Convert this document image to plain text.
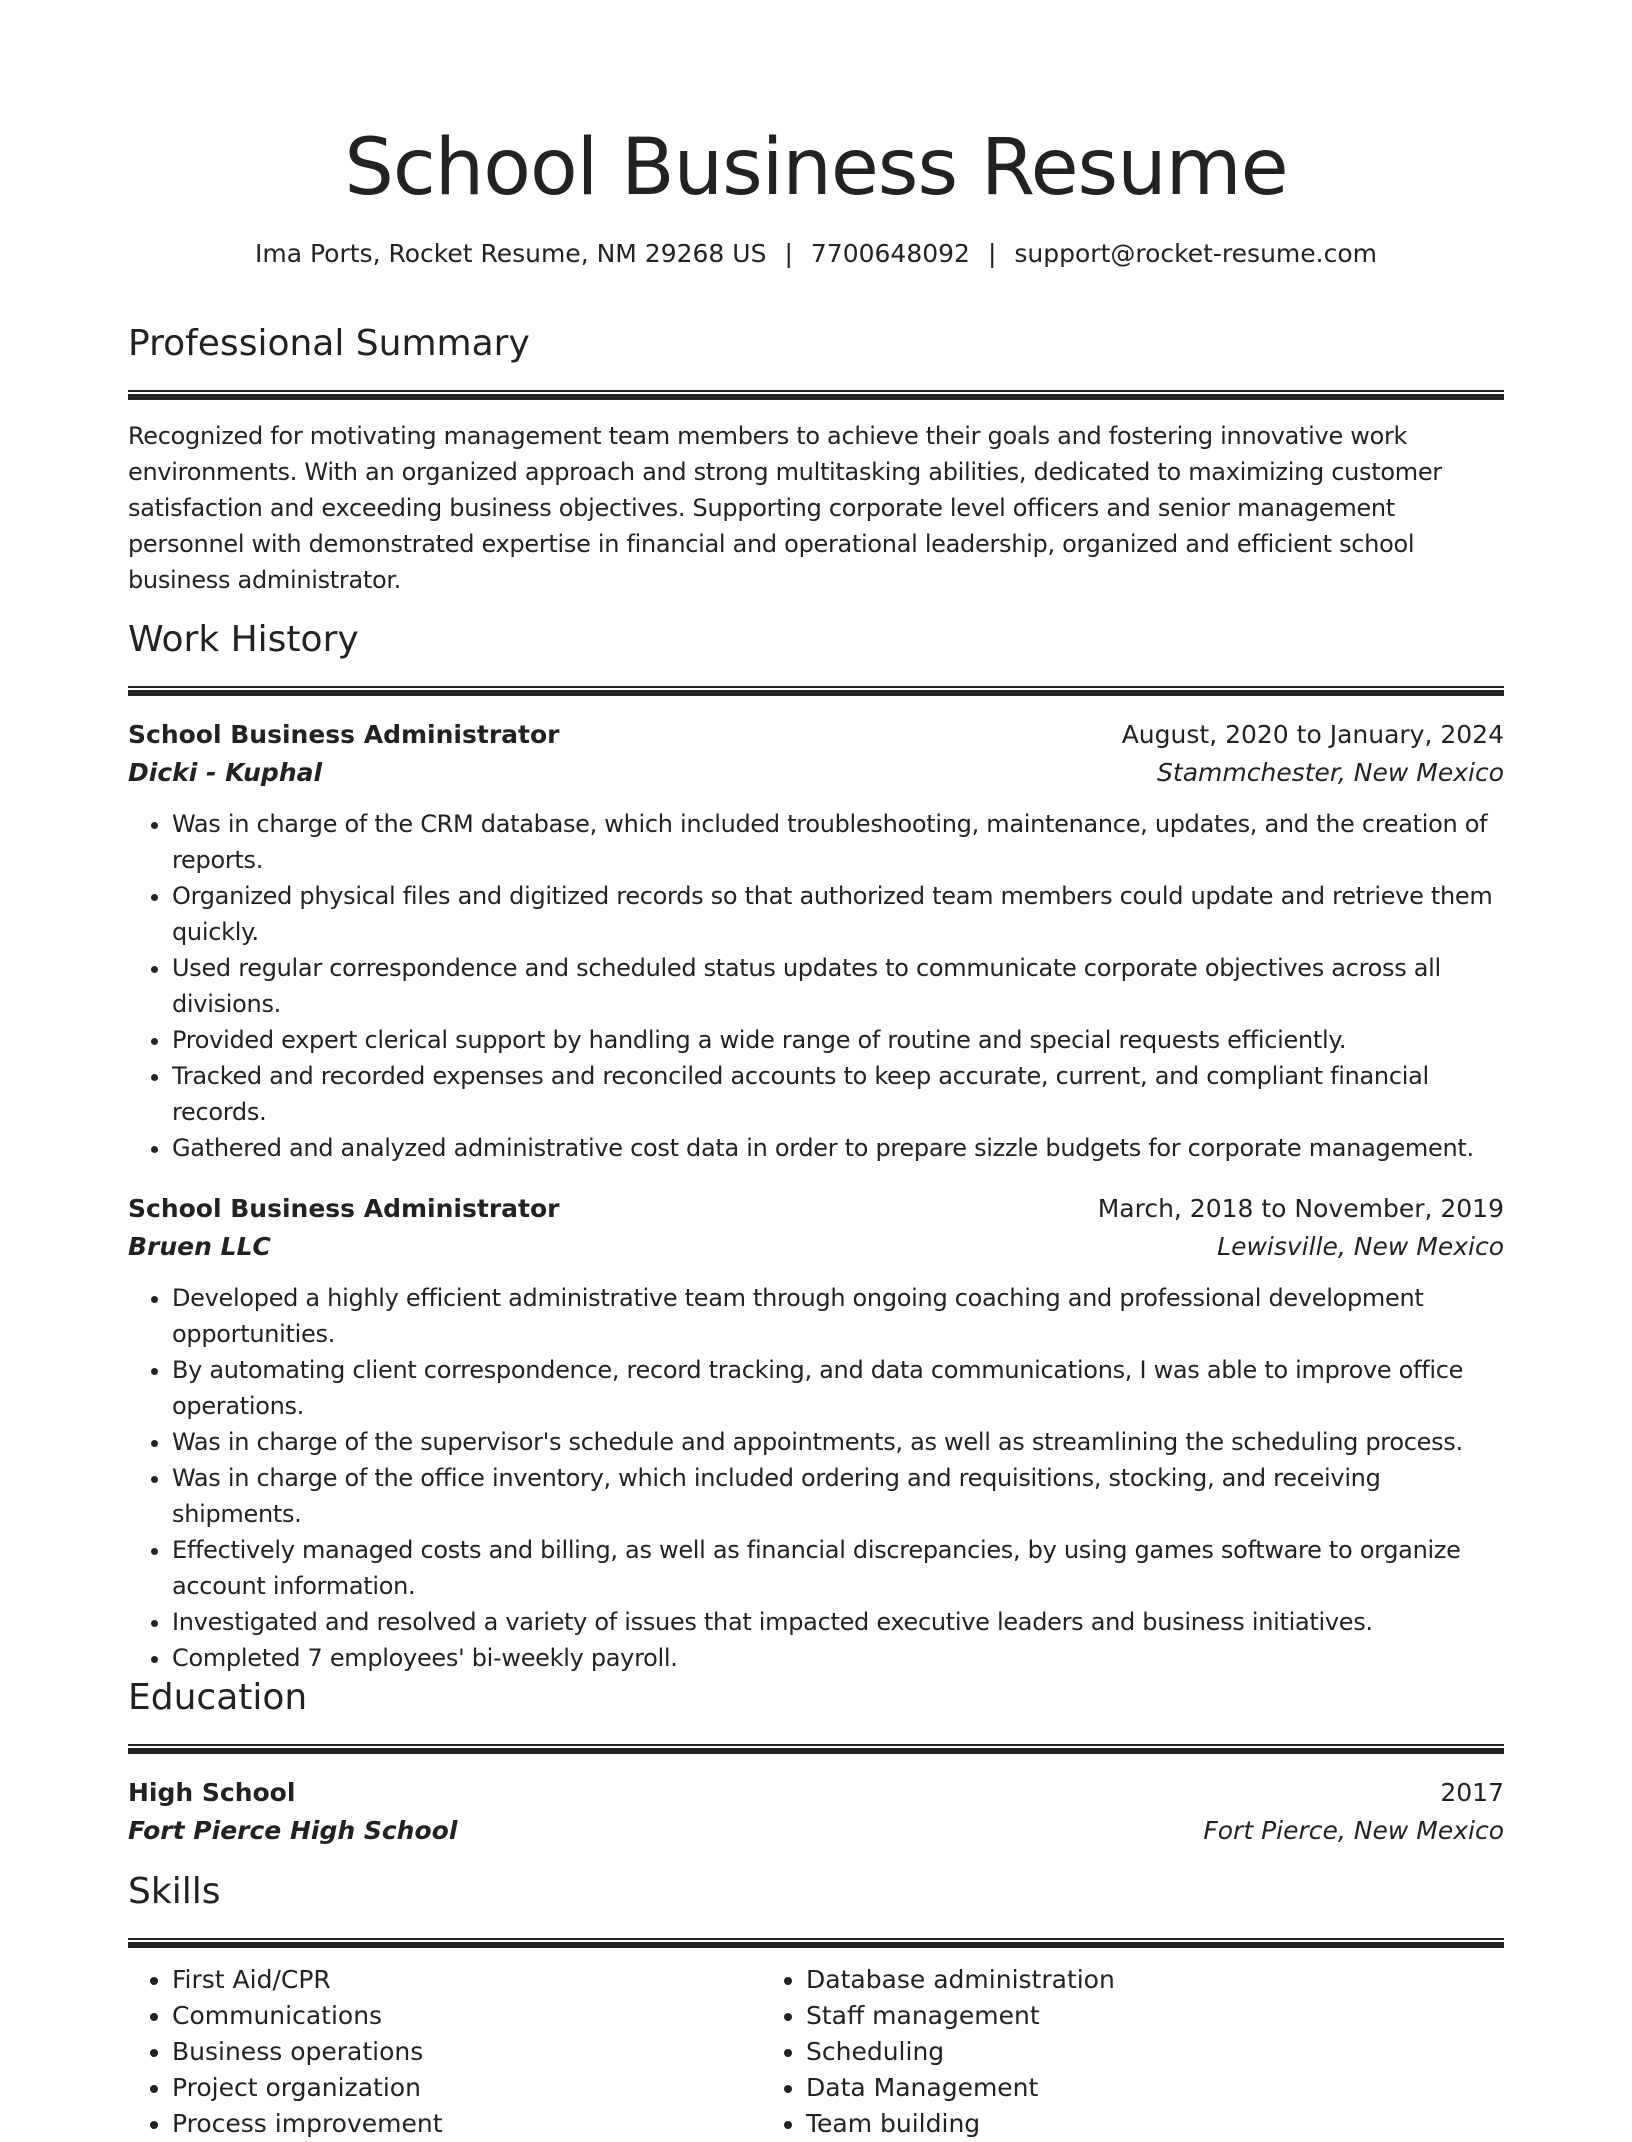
School Business Resume
Ima Ports, Rocket Resume, NM 29268 US | 7700648092 | support@rocket-resume.com
Professional Summary

Recognized for motivating management team members to achieve their goals and fostering innovative work environments. With an organized approach and strong multitasking abilities, dedicated to maximizing customer satisfaction and exceeding business objectives. Supporting corporate level officers and senior management personnel with demonstrated expertise in financial and operational leadership, organized and efficient school business administrator.

Work History
School Business Administrator	August, 2020 to January, 2024
Dicki - Kuphal	Stammchester, New Mexico
• Was in charge of the CRM database, which included troubleshooting, maintenance, updates, and the creation of reports.
• Organized physical files and digitized records so that authorized team members could update and retrieve them quickly.
• Used regular correspondence and scheduled status updates to communicate corporate objectives across all divisions.
• Provided expert clerical support by handling a wide range of routine and special requests efficiently.
• Tracked and recorded expenses and reconciled accounts to keep accurate, current, and compliant financial records.
• Gathered and analyzed administrative cost data in order to prepare sizzle budgets for corporate management.
School Business Administrator	March, 2018 to November, 2019
Bruen LLC	Lewisville, New Mexico
• Developed a highly efficient administrative team through ongoing coaching and professional development opportunities.
• By automating client correspondence, record tracking, and data communications, I was able to improve office operations.
• Was in charge of the supervisor's schedule and appointments, as well as streamlining the scheduling process.
• Was in charge of the office inventory, which included ordering and requisitions, stocking, and receiving shipments.
• Effectively managed costs and billing, as well as financial discrepancies, by using games software to organize account information.
• Investigated and resolved a variety of issues that impacted executive leaders and business initiatives.
• Completed 7 employees' bi-weekly payroll.
Education
High School	2017
Fort Pierce High School	Fort Pierce, New Mexico
Skills
• First Aid/CPR
• Communications
• Business operations
• Project organization
• Process improvement
• Database administration
• Staff management
• Scheduling
• Data Management
• Team building
